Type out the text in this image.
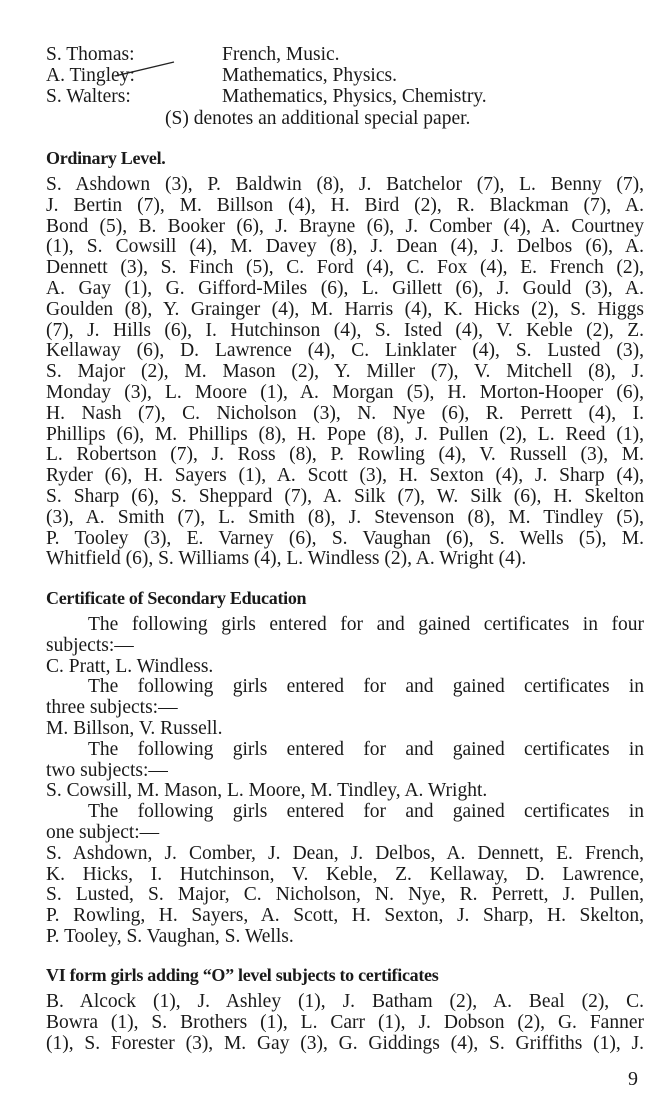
S. Thomas:	French, Music.
A. Tingley:	Mathematics, Physics.
S. Walters:	Mathematics, Physics, Chemistry.
(S) denotes an additional special paper.
Ordinary Level.
S. Ashdown (3), P. Baldwin (8), J. Batchelor (7), L. Benny (7),
J. Bertin (7), M. Billson (4), H. Bird (2), R. Blackman (7), A.
Bond (5), B. Booker (6), J. Brayne (6), J. Comber (4), A. Courtney
(1), S. Cowsill (4), M. Davey (8), J. Dean (4), J. Delbos (6), A.
Dennett (3), S. Finch (5), C. Ford (4), C. Fox (4), E. French (2),
A. Gay (1), G. Gifford-Miles (6), L. Gillett (6), J. Gould (3), A.
Goulden (8), Y. Grainger (4), M. Harris (4), K. Hicks (2), S. Higgs
(7), J. Hills (6), I. Hutchinson (4), S. Isted (4), V. Keble (2), Z.
Kellaway (6), D. Lawrence (4), C. Linklater (4), S. Lusted (3),
S. Major (2), M. Mason (2), Y. Miller (7), V. Mitchell (8), J.
Monday (3), L. Moore (1), A. Morgan (5), H. Morton-Hooper (6),
H. Nash (7), C. Nicholson (3), N. Nye (6), R. Perrett (4), I.
Phillips (6), M. Phillips (8), H. Pope (8), J. Pullen (2), L. Reed (1),
L. Robertson (7), J. Ross (8), P. Rowling (4), V. Russell (3), M.
Ryder (6), H. Sayers (1), A. Scott (3), H. Sexton (4), J. Sharp (4),
S. Sharp (6), S. Sheppard (7), A. Silk (7), W. Silk (6), H. Skelton
(3), A. Smith (7), L. Smith (8), J. Stevenson (8), M. Tindley (5),
P. Tooley (3), E. Varney (6), S. Vaughan (6), S. Wells (5), M.
Whitfield (6), S. Williams (4), L. Windless (2), A. Wright (4).
Certificate of Secondary Education
The following girls entered for and gained certificates in four
subjects:—
C. Pratt, L. Windless.
The following girls entered for and gained certificates in
three subjects:—
M. Billson, V. Russell.
The following girls entered for and gained certificates in
two subjects:—
S. Cowsill, M. Mason, L. Moore, M. Tindley, A. Wright.
The following girls entered for and gained certificates in
one subject:—
S. Ashdown, J. Comber, J. Dean, J. Delbos, A. Dennett, E. French,
K. Hicks, I. Hutchinson, V. Keble, Z. Kellaway, D. Lawrence,
S. Lusted, S. Major, C. Nicholson, N. Nye, R. Perrett, J. Pullen,
P. Rowling, H. Sayers, A. Scott, H. Sexton, J. Sharp, H. Skelton,
P. Tooley, S. Vaughan, S. Wells.
VI form girls adding “O” level subjects to certificates
B. Alcock (1), J. Ashley (1), J. Batham (2), A. Beal (2), C.
Bowra (1), S. Brothers (1), L. Carr (1), J. Dobson (2), G. Fanner
(1), S. Forester (3), M. Gay (3), G. Giddings (4), S. Griffiths (1), J.
9
